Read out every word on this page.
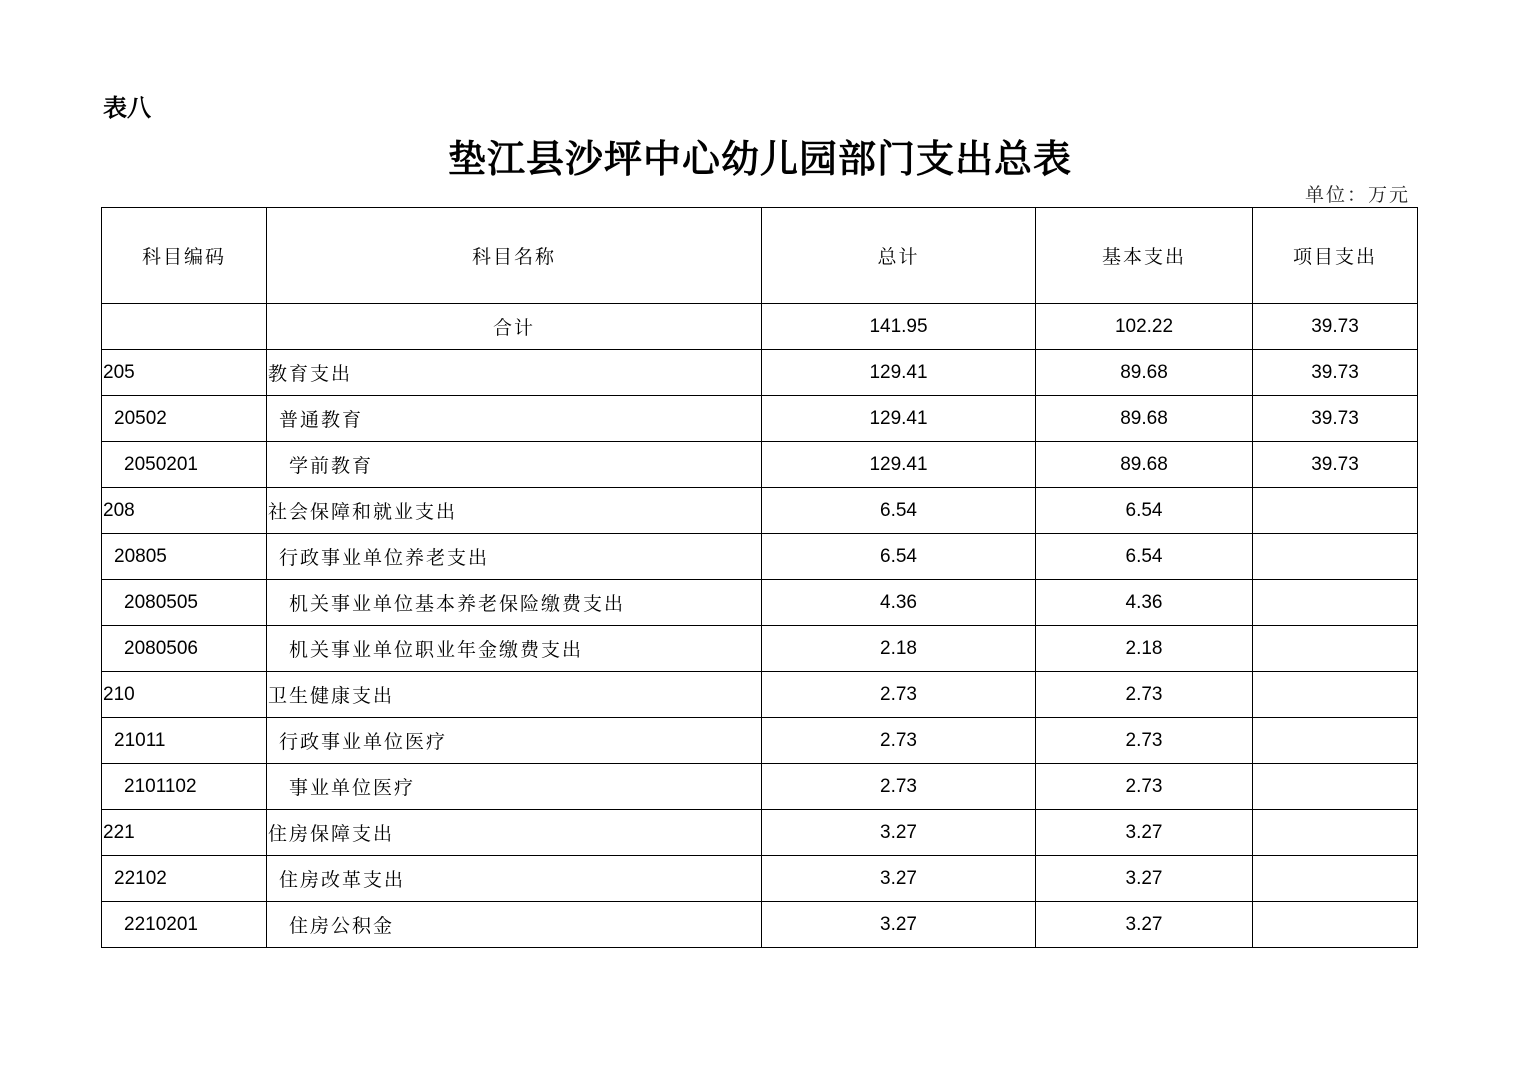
表八
垫江县沙坪中心幼儿园部门支出总表
单位：万元
科目编码	科目名称	总计	基本支出	项目支出
	合计	141.95	102.22	39.73
205	教育支出	129.41	89.68	39.73
20502	普通教育	129.41	89.68	39.73
2050201	学前教育	129.41	89.68	39.73
208	社会保障和就业支出	6.54	6.54	
20805	行政事业单位养老支出	6.54	6.54	
2080505	机关事业单位基本养老保险缴费支出	4.36	4.36	
2080506	机关事业单位职业年金缴费支出	2.18	2.18	
210	卫生健康支出	2.73	2.73	
21011	行政事业单位医疗	2.73	2.73	
2101102	事业单位医疗	2.73	2.73	
221	住房保障支出	3.27	3.27	
22102	住房改革支出	3.27	3.27	
2210201	住房公积金	3.27	3.27	
